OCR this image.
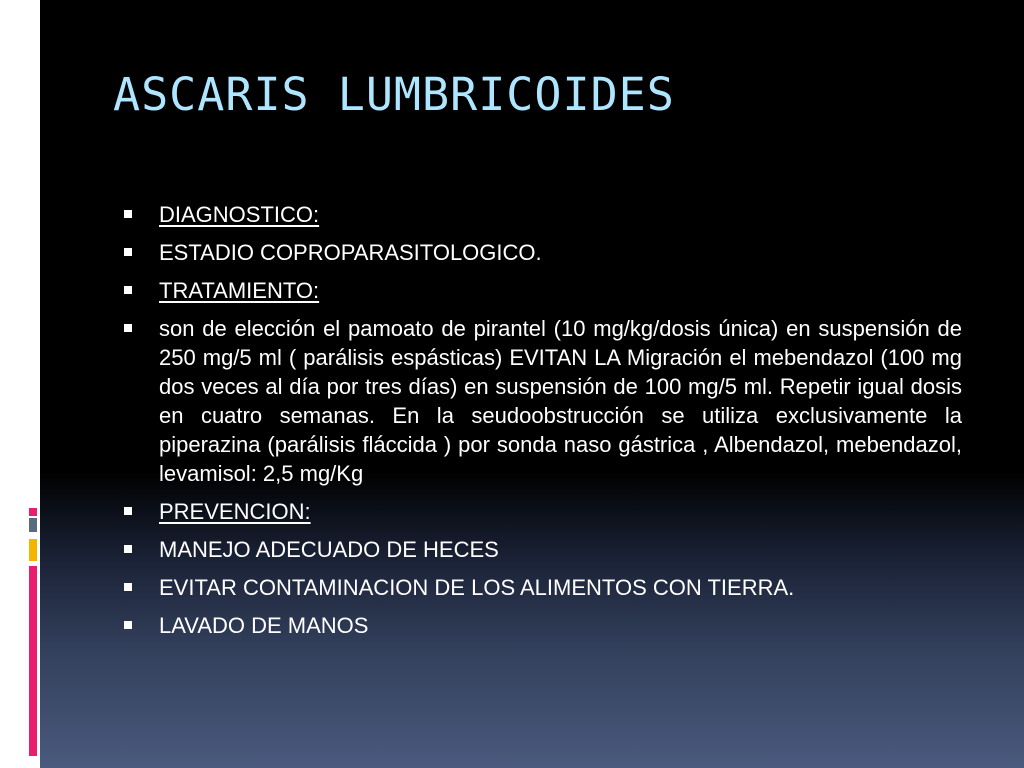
ASCARIS LUMBRICOIDES
DIAGNOSTICO:
ESTADIO COPROPARASITOLOGICO.
TRATAMIENTO:
son de elección el pamoato de pirantel (10 mg/kg/dosis única) en suspensión de 250 mg/5 ml ( parálisis espásticas) EVITAN LA Migración el mebendazol (100 mg dos veces al día por tres días) en suspensión de 100 mg/5 ml. Repetir igual dosis en cuatro semanas. En la seudoobstrucción se utiliza exclusivamente la piperazina (parálisis fláccida ) por sonda naso gástrica , Albendazol, mebendazol, levamisol: 2,5 mg/Kg
PREVENCION:
MANEJO ADECUADO DE HECES
EVITAR CONTAMINACION DE LOS ALIMENTOS CON TIERRA.
LAVADO DE MANOS
